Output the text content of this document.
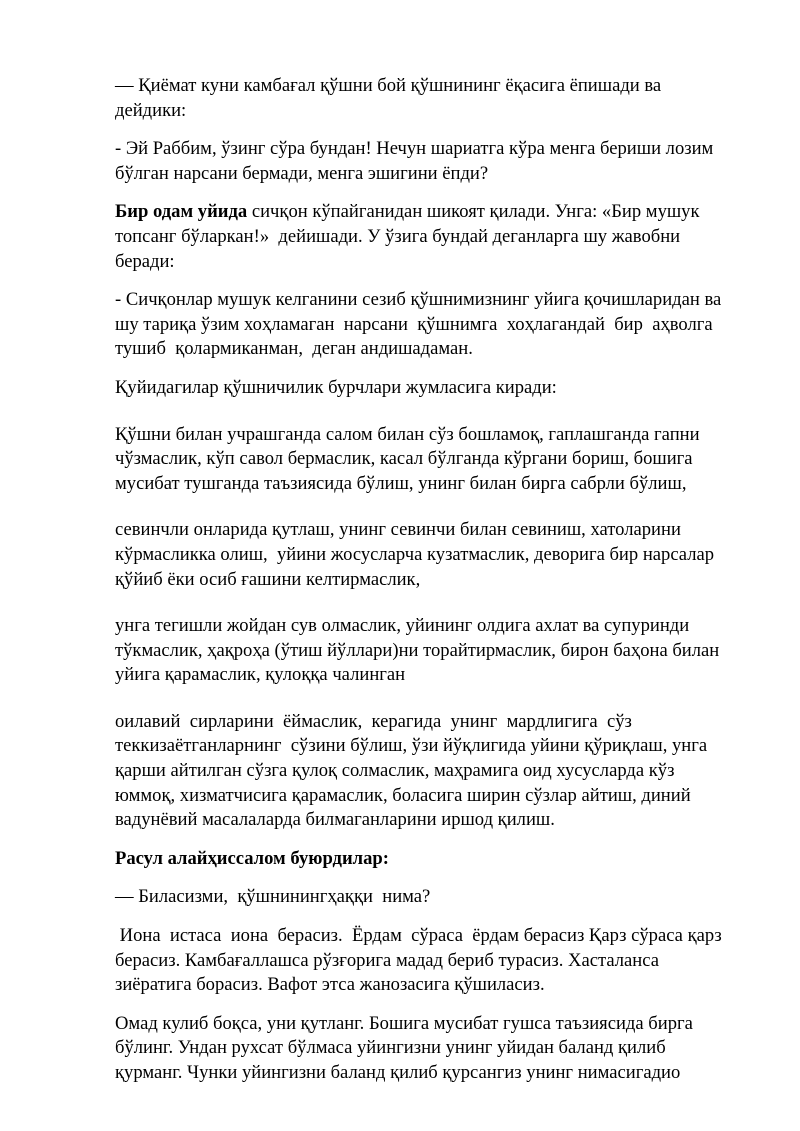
— Қиёмат куни камбағал қўшни бой қўшнининг ёқасига ёпишади ва
дейдики:
- Эй Раббим, ўзинг сўра бундан! Нечун шариатга кўра менга бериши лозим
бўлган нарсани бермади, менга эшигини ёпди?
Бир одам уйида сичқон кўпайганидан шикоят қилади. Унга: «Бир мушук
топсанг бўларкан!»  дейишади. У ўзига бундай деганларга шу жавобни
беради:
- Сичқонлар мушук келганини сезиб қўшнимизнинг уйига қочишларидан ва
шу тариқа ўзим хоҳламаган  нарсани  қўшнимга  хоҳлагандай  бир  аҳволга
тушиб  қолармиканман,  деган андишадаман.
Қуйидагилар қўшничилик бурчлари жумласига киради:
Қўшни билан учрашганда салом билан сўз бошламоқ, гаплашганда гапни
чўзмаслик, кўп савол бермаслик, касал бўлганда кўргани бориш, бошига
мусибат тушганда таъзиясида бўлиш, унинг билан бирга сабрли бўлиш,
севинчли онларида қутлаш, унинг севинчи билан севиниш, хатоларини
кўрмасликка олиш,  уйини жосусларча кузатмаслик, деворига бир нарсалар
қўйиб ёки осиб ғашини келтирмаслик,
унга тегишли жойдан сув олмаслик, уйининг олдига ахлат ва супуринди
тўкмаслик, ҳақроҳа (ўтиш йўллари)ни торайтирмаслик, бирон баҳона билан
уйига қарамаслик, қулоққа чалинган
оилавий  сирларини  ёймаслик,  керагида  унинг  мардлигига  сўз
теккизаётганларнинг  сўзини бўлиш, ўзи йўқлигида уйини қўриқлаш, унга
қарши айтилган сўзга қулоқ солмаслик, маҳрамига оид хусусларда кўз
юммоқ, хизматчисига қарамаслик, боласига ширин сўзлар айтиш, диний
вадунёвий масалаларда билмаганларини иршод қилиш.
Расул алайҳиссалом буюрдилар:
— Биласизми,  қўшнинингҳаққи  нима?
Иона  истаса  иона  берасиз.  Ёрдам  сўраса  ёрдам берасиз Қарз сўраса қарз
берасиз. Камбағаллашса рўзғорига мадад бериб турасиз. Хасталанса
зиёратига борасиз. Вафот этса жанозасига қўшиласиз.
Омад кулиб боқса, уни қутланг. Бошига мусибат гушса таъзиясида бирга
бўлинг. Ундан рухсат бўлмаса уйингизни унинг уйидан баланд қилиб
қурманг. Чунки уйингизни баланд қилиб қурсангиз унинг нимасигадио
